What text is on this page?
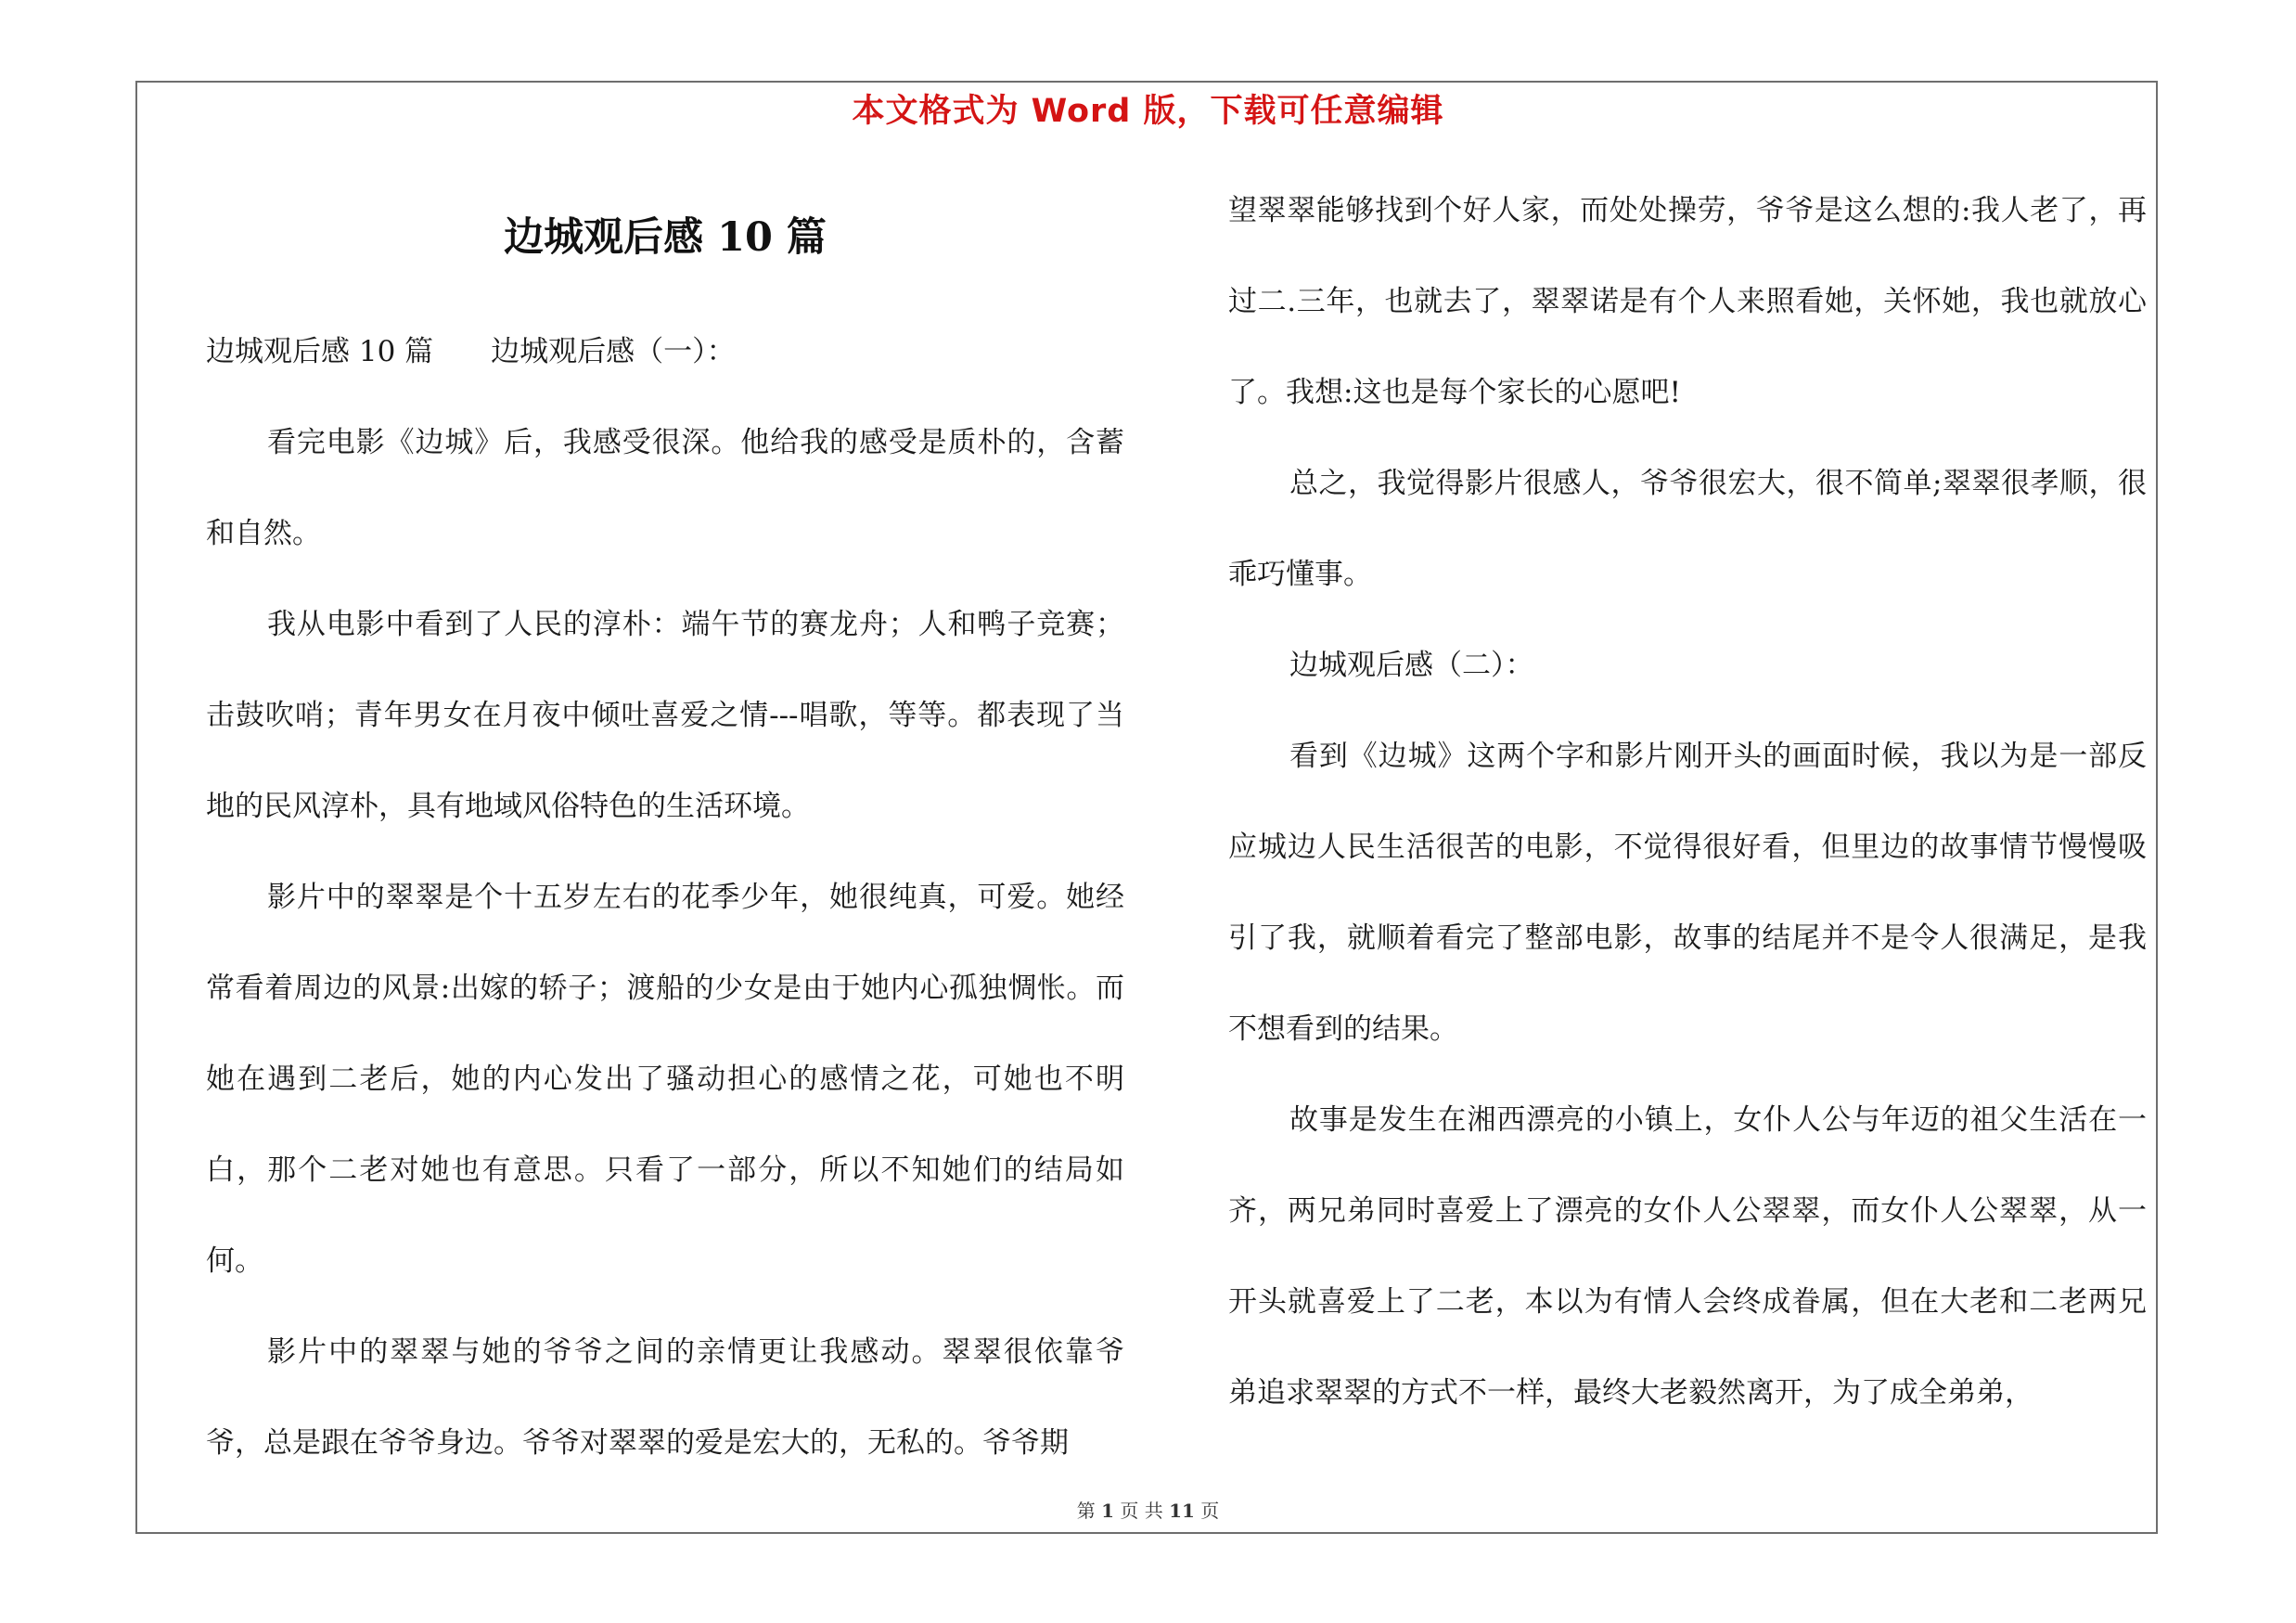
本文格式为 Word 版，下载可任意编辑
边城观后感 10 篇

边城观后感 10 篇　　边城观后感（一）：

看完电影《边城》后，我感受很深。他给我的感受是质朴的，含蓄和自然。

我从电影中看到了人民的淳朴：端午节的赛龙舟；人和鸭子竞赛；击鼓吹哨；青年男女在月夜中倾吐喜爱之情---唱歌，等等。都表现了当地的民风淳朴，具有地域风俗特色的生活环境。

影片中的翠翠是个十五岁左右的花季少年，她很纯真，可爱。她经常看着周边的风景:出嫁的轿子；渡船的少女是由于她内心孤独惆怅。而她在遇到二老后，她的内心发出了骚动担心的感情之花，可她也不明白，那个二老对她也有意思。只看了一部分，所以不知她们的结局如何。

影片中的翠翠与她的爷爷之间的亲情更让我感动。翠翠很依靠爷爷，总是跟在爷爷身边。爷爷对翠翠的爱是宏大的，无私的。爷爷期

望翠翠能够找到个好人家，而处处操劳，爷爷是这么想的:我人老了，再过二.三年，也就去了，翠翠诺是有个人来照看她，关怀她，我也就放心了。我想:这也是每个家长的心愿吧!

总之，我觉得影片很感人，爷爷很宏大，很不简单;翠翠很孝顺，很乖巧懂事。

边城观后感（二）：

看到《边城》这两个字和影片刚开头的画面时候，我以为是一部反应城边人民生活很苦的电影，不觉得很好看，但里边的故事情节慢慢吸引了我，就顺着看完了整部电影，故事的结尾并不是令人很满足，是我不想看到的结果。

故事是发生在湘西漂亮的小镇上，女仆人公与年迈的祖父生活在一齐，两兄弟同时喜爱上了漂亮的女仆人公翠翠，而女仆人公翠翠，从一开头就喜爱上了二老，本以为有情人会终成眷属，但在大老和二老两兄弟追求翠翠的方式不一样，最终大老毅然离开，为了成全弟弟，

第 1 页 共 11 页
